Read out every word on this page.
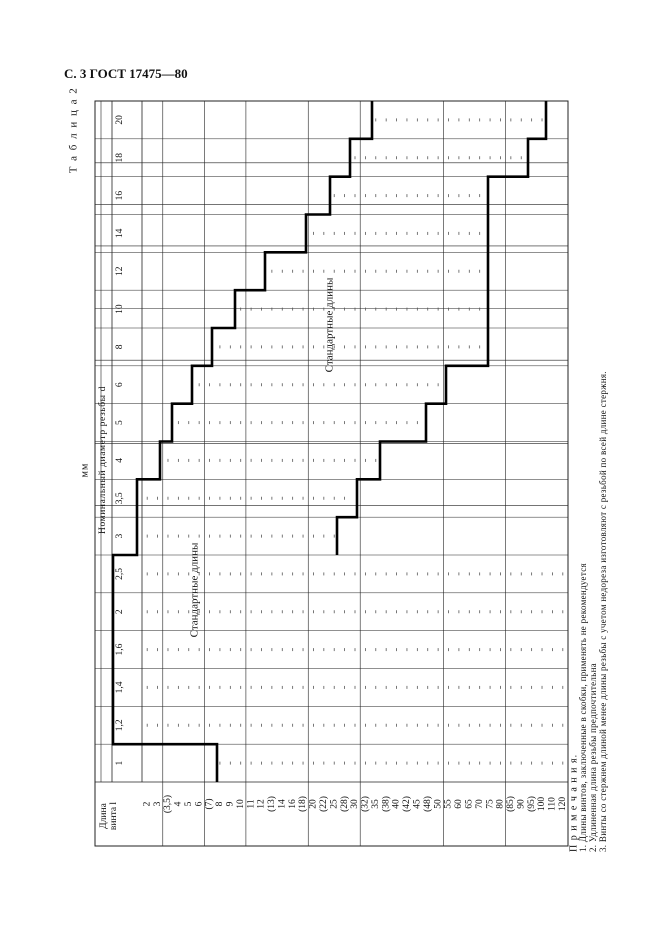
С. 3 ГОСТ 17475—80
Т а б л и ц а 2
мм Номинальный диаметр резьбы d
Длина винта l
1
1,2
1,4
1,6
2
2,5
3
3,5
4
5
6
8
10
12
14
16
18
20
2 3 (3,5) 4 5 6 (7) 8 9 10 11 12 (13) 14 16 (18) 20 (22) 25 (28) 30 (32) 35 (38) 40 (42) 45 (48) 50 55 60 65 70 75 80 (85) 90 (95) 100 110 120
Стандартные длины
Стандартные длины
П р и м е ч а н и я.
1. Длины винтов, заключенные в скобки, применять не рекомендуется 2. Удлиненная длина резьбы предпочтительна 3. Винты со стержнем длиной менее длины резьбы с учетом недореза изготовляют с резьбой по всей длине стержня.
